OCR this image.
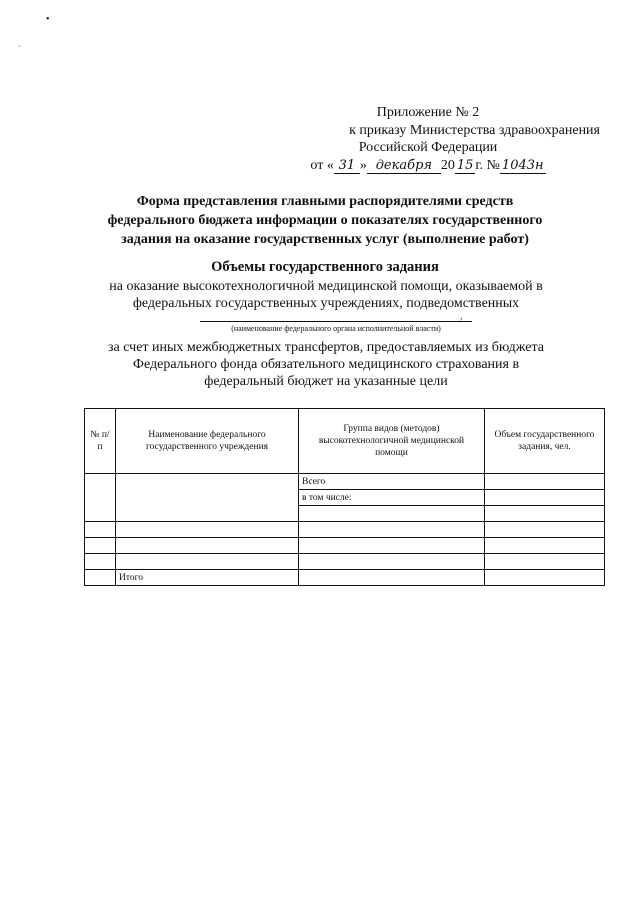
•
ˏ
Приложение № 2
к приказу Министерства здравоохранения
Российской Федерации
от « 31 » декабря 20 15 г. № 1043н
Форма представления главными распорядителями средств
федерального бюджета информации о показателях государственного
задания на оказание государственных услуг (выполнение работ)
Объемы государственного задания
на оказание высокотехнологичной медицинской помощи, оказываемой в
федеральных государственных учреждениях, подведомственных
,
(наименование федерального органа исполнительной власти)
за счет иных межбюджетных трансфертов, предоставляемых из бюджета
Федерального фонда обязательного медицинского страхования в
федеральный бюджет на указанные цели
№ п/п	Наименование федерального государственного учреждения	Группа видов (методов) высокотехнологичной медицинской помощи	Объем государственного задания, чел.
		Всего	
		в том числе:	

	Итого		
